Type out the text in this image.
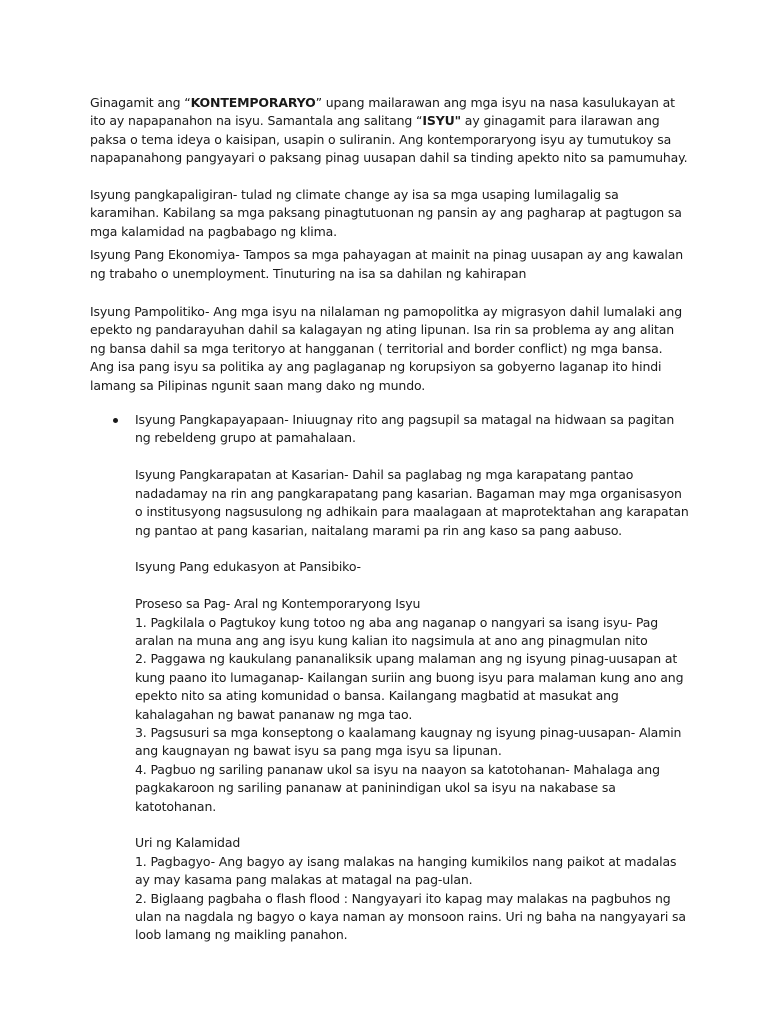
Ginagamit ang “KONTEMPORARYO” upang mailarawan ang mga isyu na nasa kasulukayan at ito ay napapanahon na isyu. Samantala ang salitang “ISYU" ay ginagamit para ilarawan ang paksa o tema ideya o kaisipan, usapin o suliranin. Ang kontemporaryong isyu ay tumutukoy sa napapanahong pangyayari o paksang pinag uusapan dahil sa tinding apekto nito sa pamumuhay.

Isyung pangkapaligiran- tulad ng climate change ay isa sa mga usaping lumilagalig sa karamihan. Kabilang sa mga paksang pinagtutuonan ng pansin ay ang pagharap at pagtugon sa mga kalamidad na pagbabago ng klima.

Isyung Pang Ekonomiya- Tampos sa mga pahayagan at mainit na pinag uusapan ay ang kawalan ng trabaho o unemployment. Tinuturing na isa sa dahilan ng kahirapan

Isyung Pampolitiko- Ang mga isyu na nilalaman ng pamopolitka ay migrasyon dahil lumalaki ang epekto ng pandarayuhan dahil sa kalagayan ng ating lipunan. Isa rin sa problema ay ang alitan ng bansa dahil sa mga teritoryo at hangganan ( territorial and border conflict) ng mga bansa. Ang isa pang isyu sa politika ay ang paglaganap ng korupsiyon sa gobyerno laganap ito hindi lamang sa Pilipinas ngunit saan mang dako ng mundo.

Isyung Pangkapayapaan- Iniuugnay rito ang pagsupil sa matagal na hidwaan sa pagitan ng rebeldeng grupo at pamahalaan.

Isyung Pangkarapatan at Kasarian- Dahil sa paglabag ng mga karapatang pantao nadadamay na rin ang pangkarapatang pang kasarian. Bagaman may mga organisasyon o institusyong nagsusulong ng adhikain para maalagaan at maprotektahan ang karapatan ng pantao at pang kasarian, naitalang marami pa rin ang kaso sa pang aabuso.

Isyung Pang edukasyon at Pansibiko-

Proseso sa Pag- Aral ng Kontemporaryong Isyu

1. Pagkilala o Pagtukoy kung totoo ng aba ang naganap o nangyari sa isang isyu- Pag aralan na muna ang ang isyu kung kalian ito nagsimula at ano ang pinagmulan nito

2. Paggawa ng kaukulang pananaliksik upang malaman ang ng isyung pinag-uusapan at kung paano ito lumaganap- Kailangan suriin ang buong isyu para malaman kung ano ang epekto nito sa ating komunidad o bansa. Kailangang magbatid at masukat ang kahalagahan ng bawat pananaw ng mga tao.

3. Pagsusuri sa mga konseptong o kaalamang kaugnay ng isyung pinag-uusapan- Alamin ang kaugnayan ng bawat isyu sa pang mga isyu sa lipunan.

4. Pagbuo ng sariling pananaw ukol sa isyu na naayon sa katotohanan- Mahalaga ang pagkakaroon ng sariling pananaw at paninindigan ukol sa isyu na nakabase sa katotohanan.

Uri ng Kalamidad

1. Pagbagyo- Ang bagyo ay isang malakas na hanging kumikilos nang paikot at madalas ay may kasama pang malakas at matagal na pag-ulan.

2. Biglaang pagbaha o flash flood : Nangyayari ito kapag may malakas na pagbuhos ng ulan na nagdala ng bagyo o kaya naman ay monsoon rains. Uri ng baha na nangyayari sa loob lamang ng maikling panahon.
